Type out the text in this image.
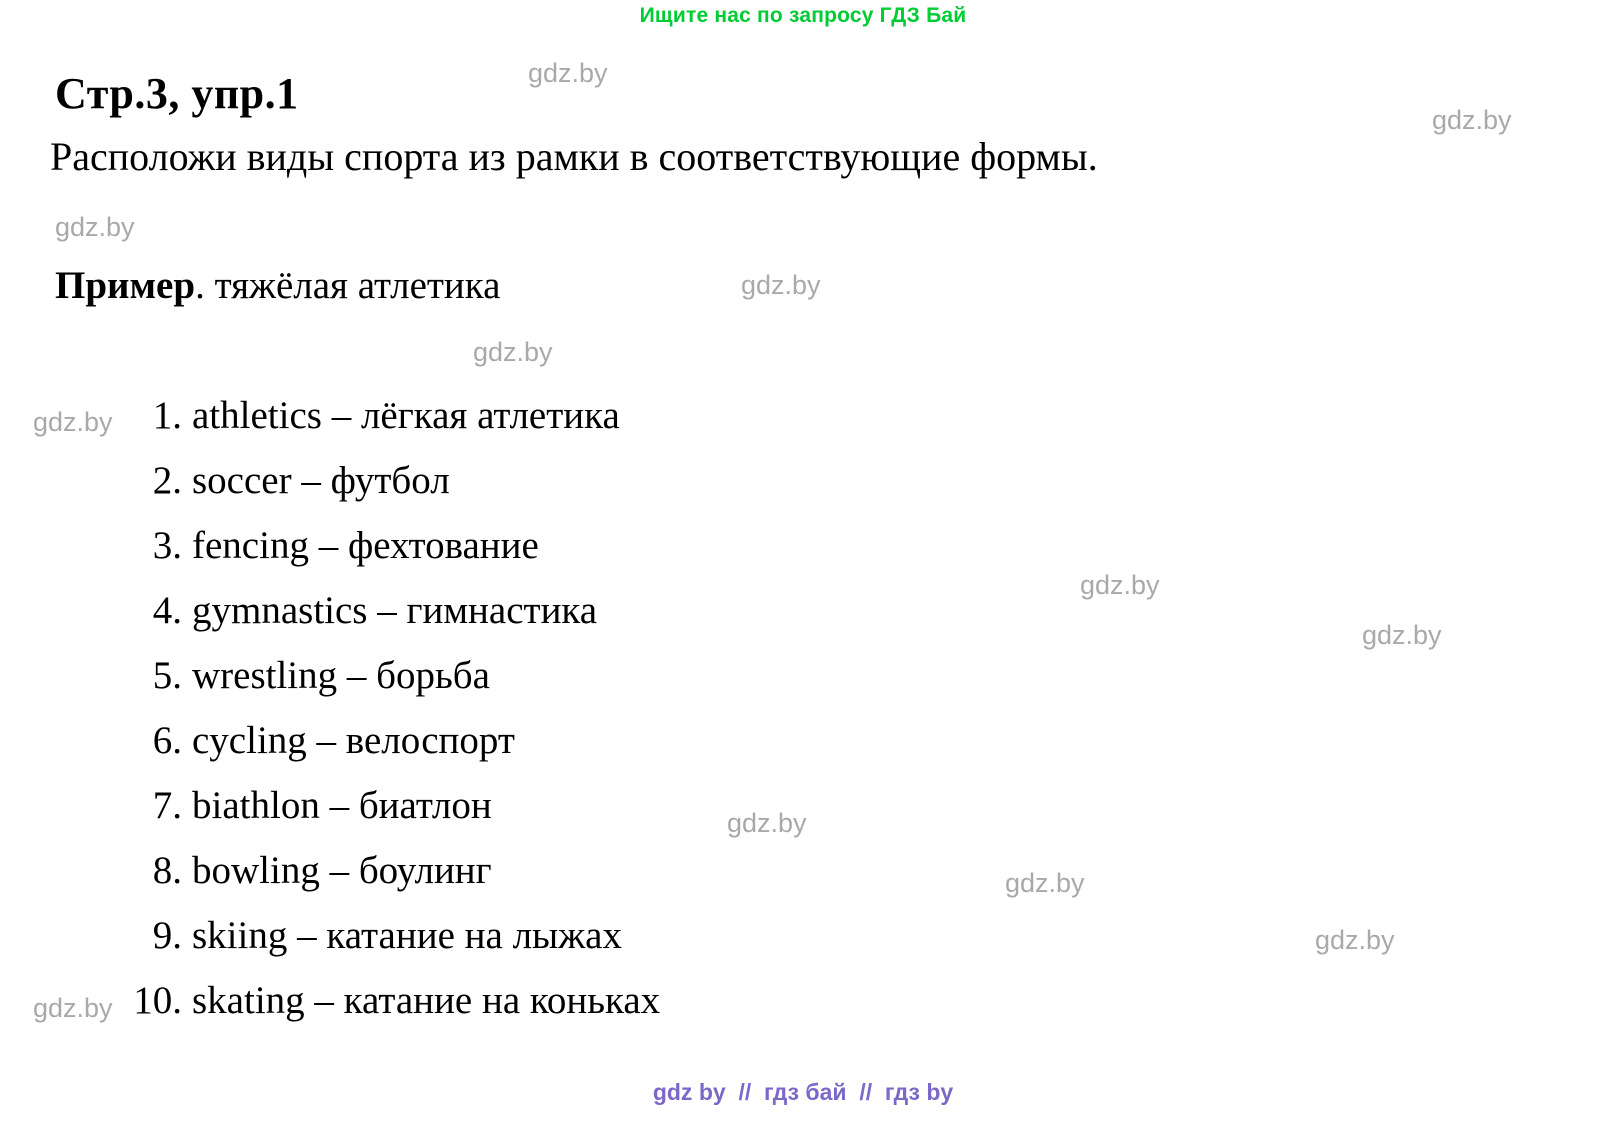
Ищите нас по запросу ГДЗ Бай
Стр.3, упр.1
Расположи виды спорта из рамки в соответствующие формы.
Пример. тяжёлая атлетика
1. athletics – лёгкая атлетика
2. soccer – футбол
3. fencing – фехтование
4. gymnastics – гимнастика
5. wrestling – борьба
6. cycling – велоспорт
7. biathlon – биатлон
8. bowling – боулинг
9. skiing – катание на лыжах
10. skating – катание на коньках
gdz.by
gdz.by
gdz.by
gdz.by
gdz.by
gdz.by
gdz.by
gdz.by
gdz.by
gdz.by
gdz.by
gdz.by
gdz by  //  гдз бай  //  гдз by
